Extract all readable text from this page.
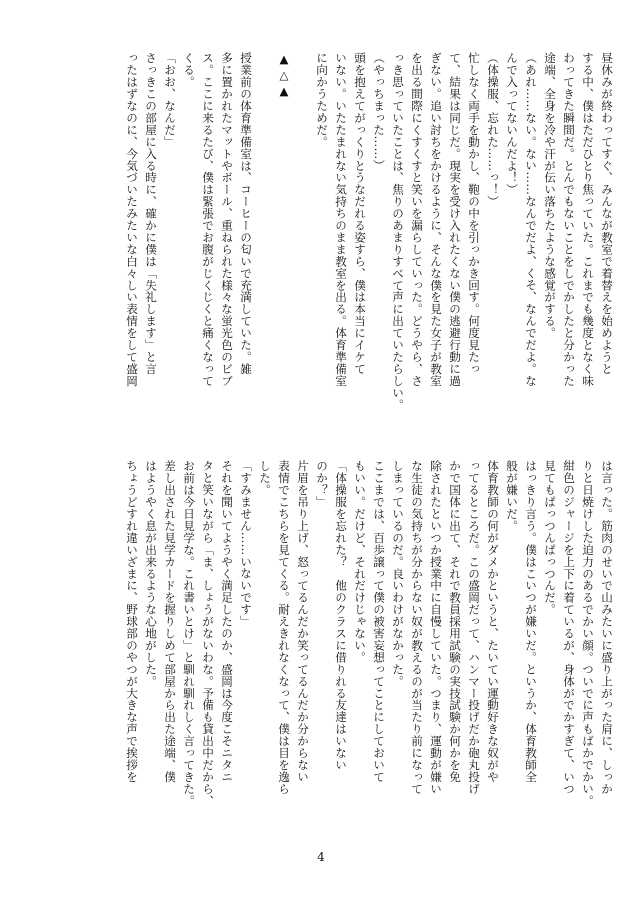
昼休みが終わってすぐ、みんなが教室で着替えを始めようと

する中、僕はただひとり焦っていた。これまでも幾度となく味

わってきた瞬間だ。とんでもないことをしでかしたと分かった

途端、全身を冷や汗が伝い落ちたような感覚がする。

（あれ……ない。ない……なんでだよ、くそ、なんでだよ。な

んで入ってないんだよ！）

（体操服、忘れた……っ！）

忙しなく両手を動かし、鞄の中を引っかき回す。何度見たっ

て、結果は同じだ。現実を受け入れたくない僕の逃避行動に過

ぎない。追い討ちをかけるように、そんな僕を見た女子が教室

を出る間際にくすくすと笑いを漏らしていった。どうやら、さ

っき思っていたことは、焦りのあまりすべて声に出ていたらしい。

（やっちまった……）

頭を抱えてがっくりとうなだれる姿すら、僕は本当にイケて

いない。いたたまれない気持ちのまま教室を出る。体育準備室

に向かうためだ。

▲△▲

授業前の体育準備室は、コーヒーの匂いで充満していた。雑

多に置かれたマットやボール、重ねられた様々な蛍光色のビブ

ス。ここに来るたび、僕は緊張でお腹がじくじくと痛くなって

くる。

「おお、なんだ」

さっきこの部屋に入る時に、確かに僕は「失礼します」と言

ったはずなのに、今気づいたみたいな白々しい表情をして盛岡

は言った。筋肉のせいで山みたいに盛り上がった肩に、しっか

りと日焼けした迫力のあるでかい顔。ついでに声もばかでかい。

紺色のジャージを上下に着ているが、身体がでかすぎて、いつ

見てもぱっつんぱっつんだ。

はっきり言う。僕はこいつが嫌いだ。というか、体育教師全

般が嫌いだ。

体育教師の何がダメかというと、たいてい運動好きな奴がや

ってるところだ。この盛岡だって、ハンマー投げだか砲丸投げ

かで国体に出て、それで教員採用試験の実技試験か何かを免

除されたといつか授業中に自慢していた。つまり、運動が嫌い

な生徒の気持ちが分からない奴が教えるのが当たり前になって

しまっているのだ。良いわけがなかった。

ここまでは、百歩譲って僕の被害妄想ってことにしておいて

もいい。だけど、それだけじゃない。

「体操服を忘れた？　他のクラスに借りれる友達はいない

のか？」

片眉を吊り上げ、怒ってるんだか笑ってるんだか分からない

表情でこちらを見てくる。耐えきれなくなって、僕は目を逸ら

した。

「すみません……いないです」

それを聞いてようやく満足したのか、盛岡は今度こそニタニ

タと笑いながら「ま、しょうがないわな。予備も貸出中だから、

お前は今日見学な。これ書いとけ」と馴れ馴れしく言ってきた。

差し出された見学カードを握りしめて部屋から出た途端、僕

はようやく息が出来るような心地がした。

ちょうどすれ違いざまに、野球部のやつが大きな声で挨拶を

4
